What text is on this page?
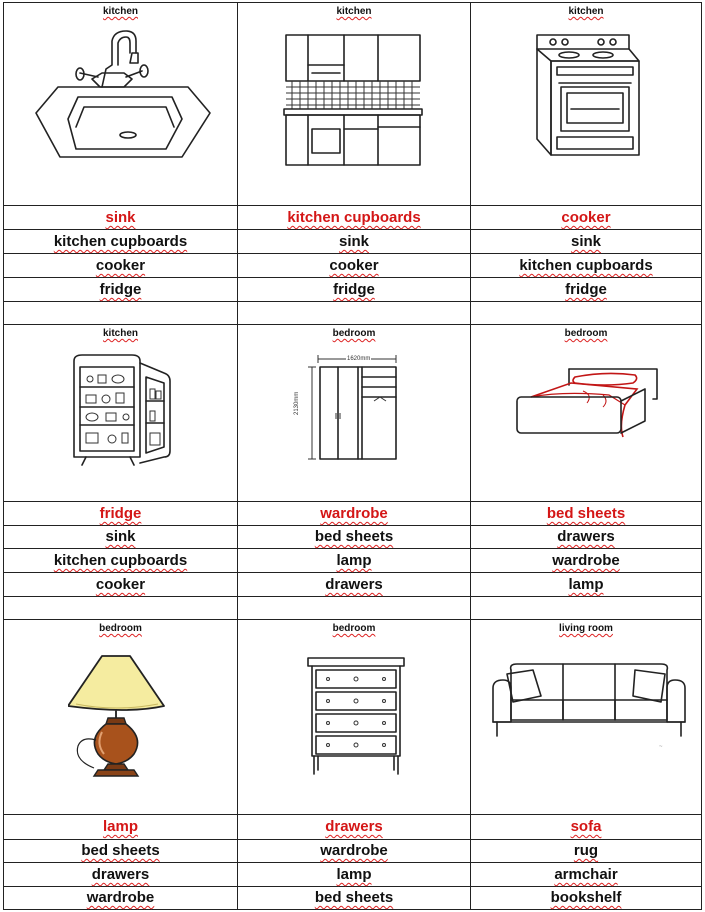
kitchen
sink
kitchen cupboards
cooker
fridge
kitchen
kitchen cupboards
sink
cooker
fridge
kitchen
cooker
sink
kitchen cupboards
fridge
kitchen
fridge
sink
kitchen cupboards
cooker
bedroom
1620mm
2130mm
wardrobe
bed sheets
lamp
drawers
bedroom
bed sheets
drawers
wardrobe
lamp
bedroom
lamp
bed sheets
drawers
wardrobe
bedroom
drawers
wardrobe
lamp
bed sheets
living room
~
sofa
rug
armchair
bookshelf
